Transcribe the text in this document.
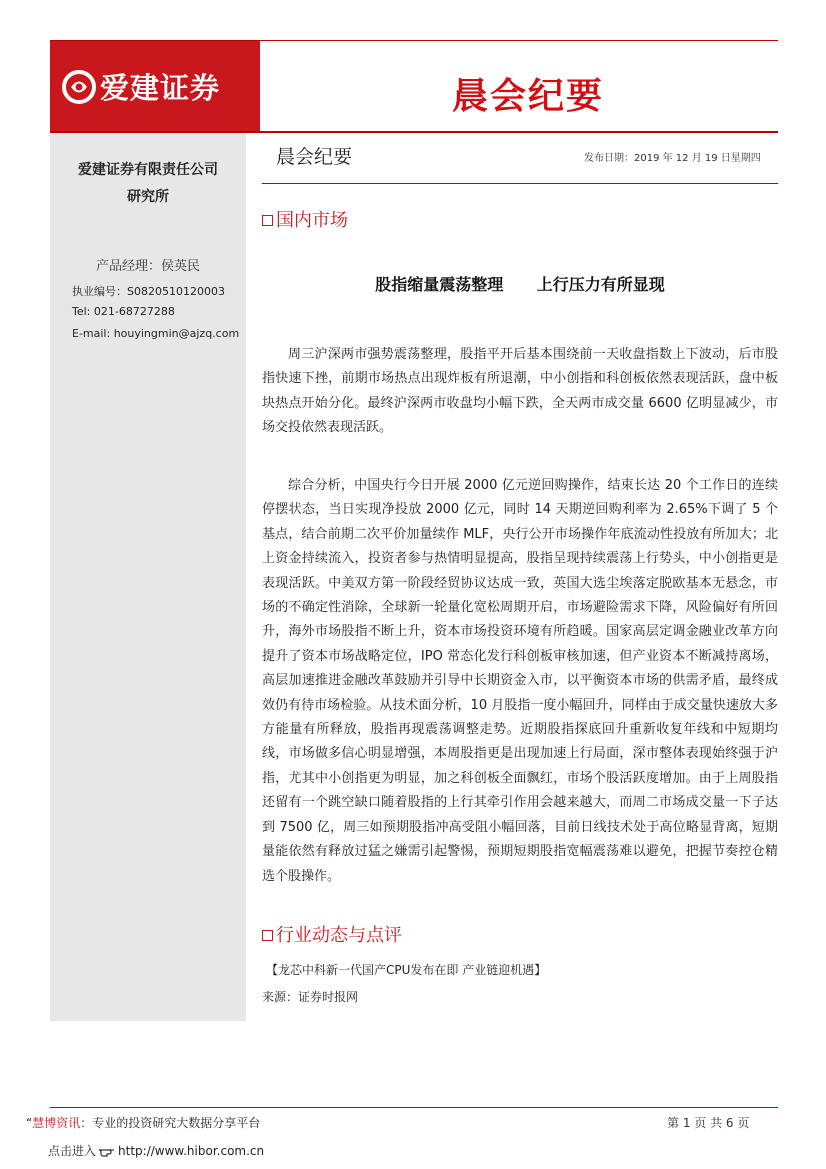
爱建证券	晨会纪要
爱建证券有限责任公司
研究所
产品经理：侯英民
执业编号：S0820510120003
Tel: 021-68727288
E-mail: houyingmin@ajzq.com
晨会纪要	发布日期：2019 年 12 月 19 日星期四
国内市场
股指缩量震荡整理      上行压力有所显现

周三沪深两市强势震荡整理，股指平开后基本围绕前一天收盘指数上下波动，后市股指快速下挫，前期市场热点出现炸板有所退潮，中小创指和科创板依然表现活跃，盘中板块热点开始分化。最终沪深两市收盘均小幅下跌，全天两市成交量 6600 亿明显减少，市场交投依然表现活跃。

综合分析，中国央行今日开展 2000 亿元逆回购操作，结束长达 20 个工作日的连续停摆状态，当日实现净投放 2000 亿元，同时 14 天期逆回购利率为 2.65%下调了 5 个基点，结合前期二次平价加量续作 MLF，央行公开市场操作年底流动性投放有所加大；北上资金持续流入，投资者参与热情明显提高，股指呈现持续震荡上行势头，中小创指更是表现活跃。中美双方第一阶段经贸协议达成一致，英国大选尘埃落定脱欧基本无悬念，市场的不确定性消除，全球新一轮量化宽松周期开启，市场避险需求下降，风险偏好有所回升，海外市场股指不断上升，资本市场投资环境有所趋暖。国家高层定调金融业改革方向提升了资本市场战略定位，IPO 常态化发行科创板审核加速，但产业资本不断减持离场，高层加速推进金融改革鼓励并引导中长期资金入市，以平衡资本市场的供需矛盾，最终成效仍有待市场检验。从技术面分析，10 月股指一度小幅回升，同样由于成交量快速放大多方能量有所释放，股指再现震荡调整走势。近期股指探底回升重新收复年线和中短期均线，市场做多信心明显增强，本周股指更是出现加速上行局面，深市整体表现始终强于沪指，尤其中小创指更为明显，加之科创板全面飘红，市场个股活跃度增加。由于上周股指还留有一个跳空缺口随着股指的上行其牵引作用会越来越大，而周二市场成交量一下子达到 7500 亿，周三如预期股指冲高受阻小幅回落，目前日线技术处于高位略显背离，短期量能依然有释放过猛之嫌需引起警惕，预期短期股指宽幅震荡难以避免，把握节奏控仓精选个股操作。

行业动态与点评
【龙芯中科新一代国产CPU发布在即 产业链迎机遇】
来源：证券时报网
“慧博资讯：专业的投资研究大数据分享平台	第 1 页 共 6 页
点击进入 http://www.hibor.com.cn
